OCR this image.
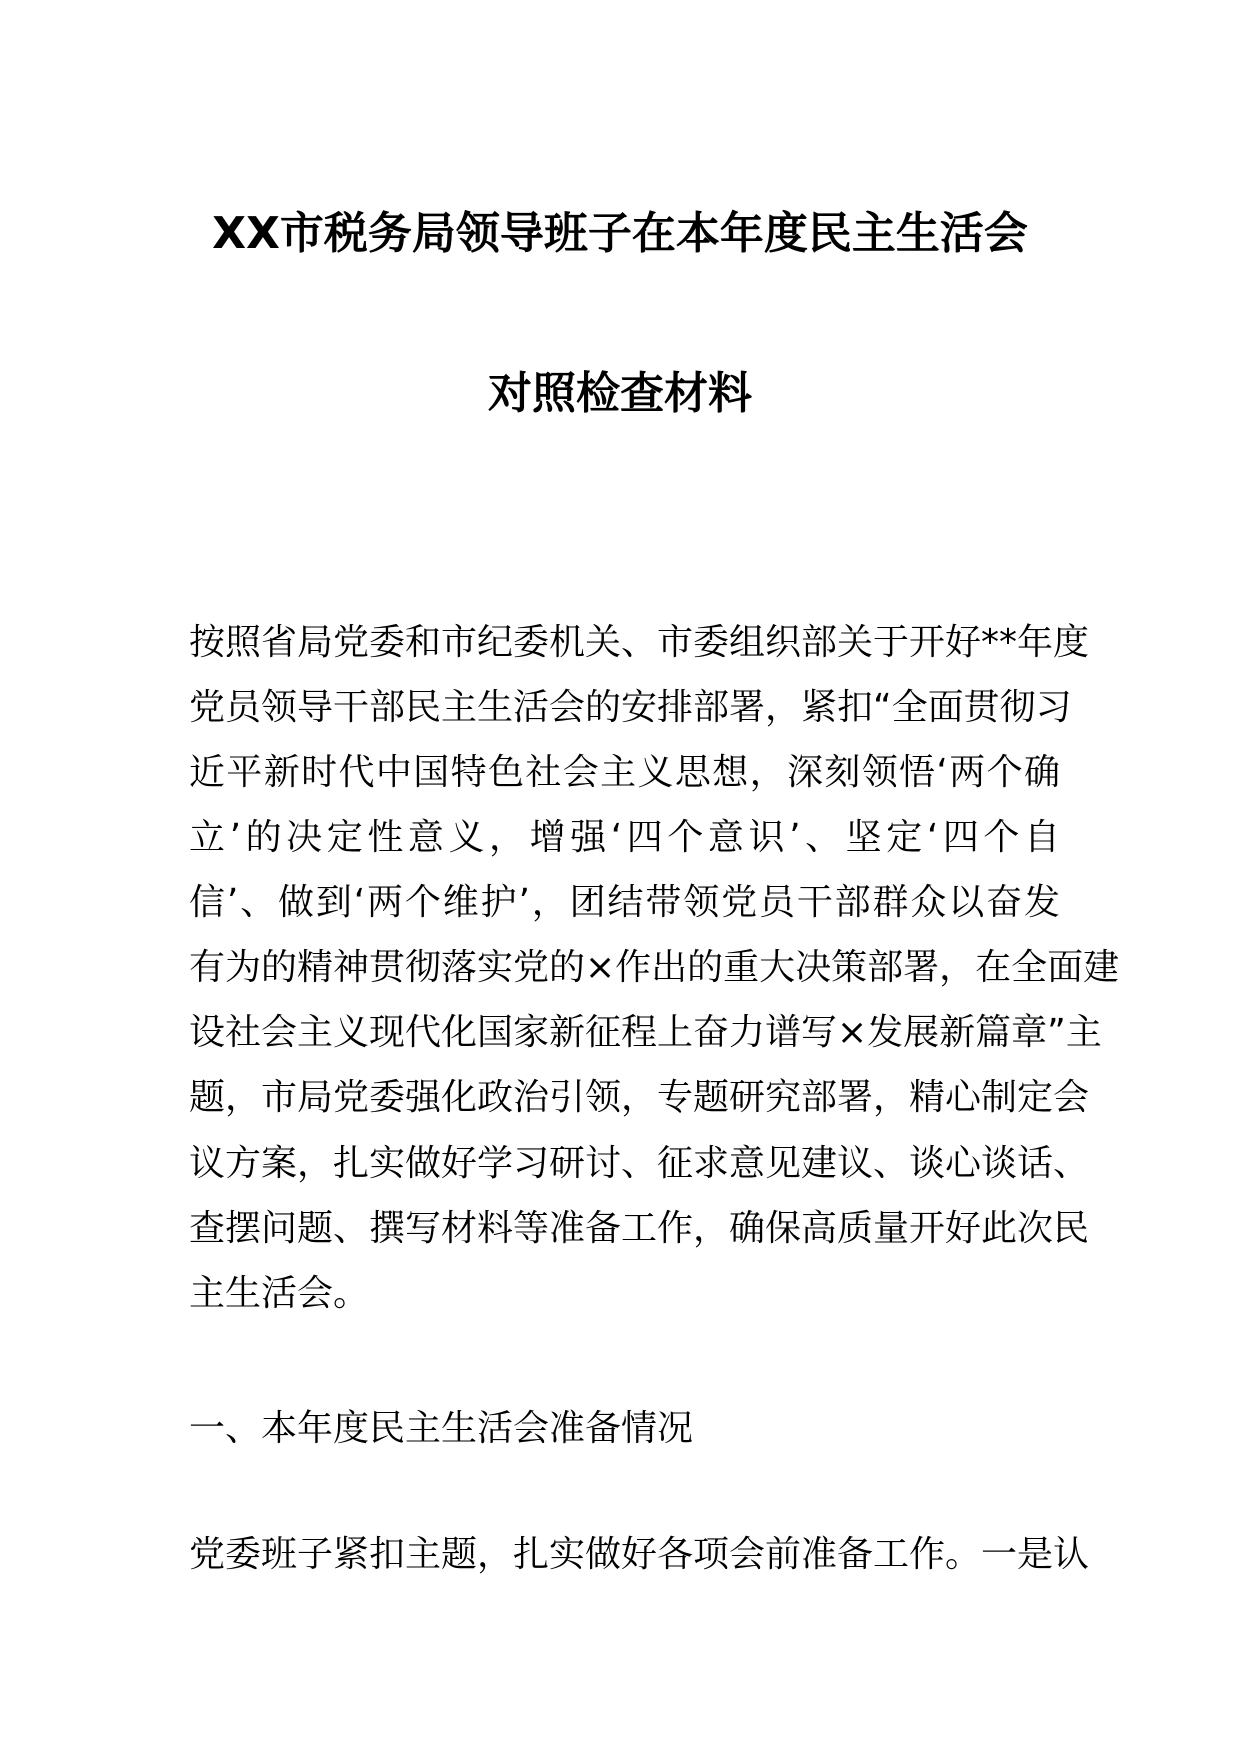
XX市税务局领导班子在本年度民主生活会
对照检查材料
按照省局党委和市纪委机关、市委组织部关于开好**年度
党员领导干部民主生活会的安排部署，紧扣“全面贯彻习
近平新时代中国特色社会主义思想，深刻领悟‘两个确
立’的决定性意义，增强‘四个意识’、坚定‘四个自
信’、做到‘两个维护’，团结带领党员干部群众以奋发
有为的精神贯彻落实党的×作出的重大决策部署，在全面建
设社会主义现代化国家新征程上奋力谱写×发展新篇章”主
题，市局党委强化政治引领，专题研究部署，精心制定会
议方案，扎实做好学习研讨、征求意见建议、谈心谈话、
查摆问题、撰写材料等准备工作，确保高质量开好此次民
主生活会。
一、本年度民主生活会准备情况
党委班子紧扣主题，扎实做好各项会前准备工作。一是认
